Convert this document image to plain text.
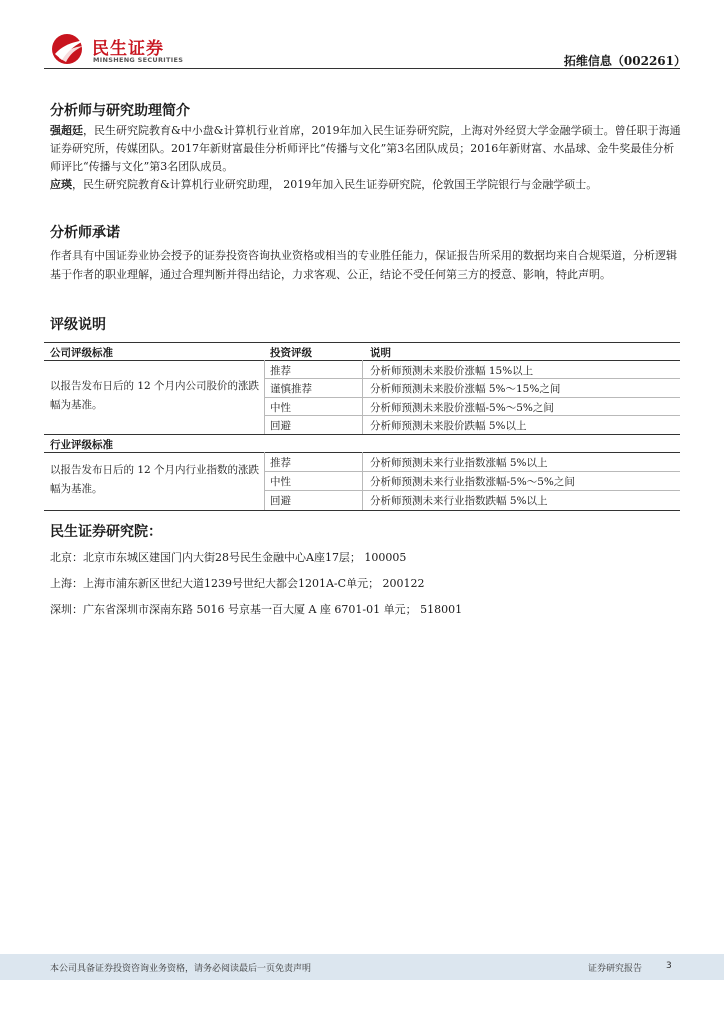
民生证券
MINSHENG SECURITIES	拓维信息（002261）
分析师与研究助理简介
强超廷，民生研究院教育&中小盘&计算机行业首席，2019年加入民生证券研究院，上海对外经贸大学金融学硕士。曾任职于海通证券研究所，传媒团队。2017年新财富最佳分析师评比“传播与文化”第3名团队成员；2016年新财富、水晶球、金牛奖最佳分析师评比“传播与文化”第3名团队成员。
应瑛，民生研究院教育&计算机行业研究助理， 2019年加入民生证券研究院，伦敦国王学院银行与金融学硕士。
分析师承诺
作者具有中国证券业协会授予的证券投资咨询执业资格或相当的专业胜任能力，保证报告所采用的数据均来自合规渠道，分析逻辑基于作者的职业理解，通过合理判断并得出结论，力求客观、公正，结论不受任何第三方的授意、影响，特此声明。
评级说明
公司评级标准	投资评级	说明
以报告发布日后的 12 个月内公司股价的涨跌幅为基准。
推荐	分析师预测未来股价涨幅 15%以上
谨慎推荐	分析师预测未来股价涨幅 5%～15%之间
中性	分析师预测未来股价涨幅-5%～5%之间
回避	分析师预测未来股价跌幅 5%以上
行业评级标准
以报告发布日后的 12 个月内行业指数的涨跌幅为基准。
推荐	分析师预测未来行业指数涨幅 5%以上
中性	分析师预测未来行业指数涨幅-5%～5%之间
回避	分析师预测未来行业指数跌幅 5%以上
民生证券研究院：
北京：北京市东城区建国门内大街28号民生金融中心A座17层； 100005
上海：上海市浦东新区世纪大道1239号世纪大都会1201A-C单元； 200122
深圳：广东省深圳市深南东路 5016 号京基一百大厦 A 座 6701-01 单元； 518001
本公司具备证券投资咨询业务资格，请务必阅读最后一页免责声明	证券研究报告	3
